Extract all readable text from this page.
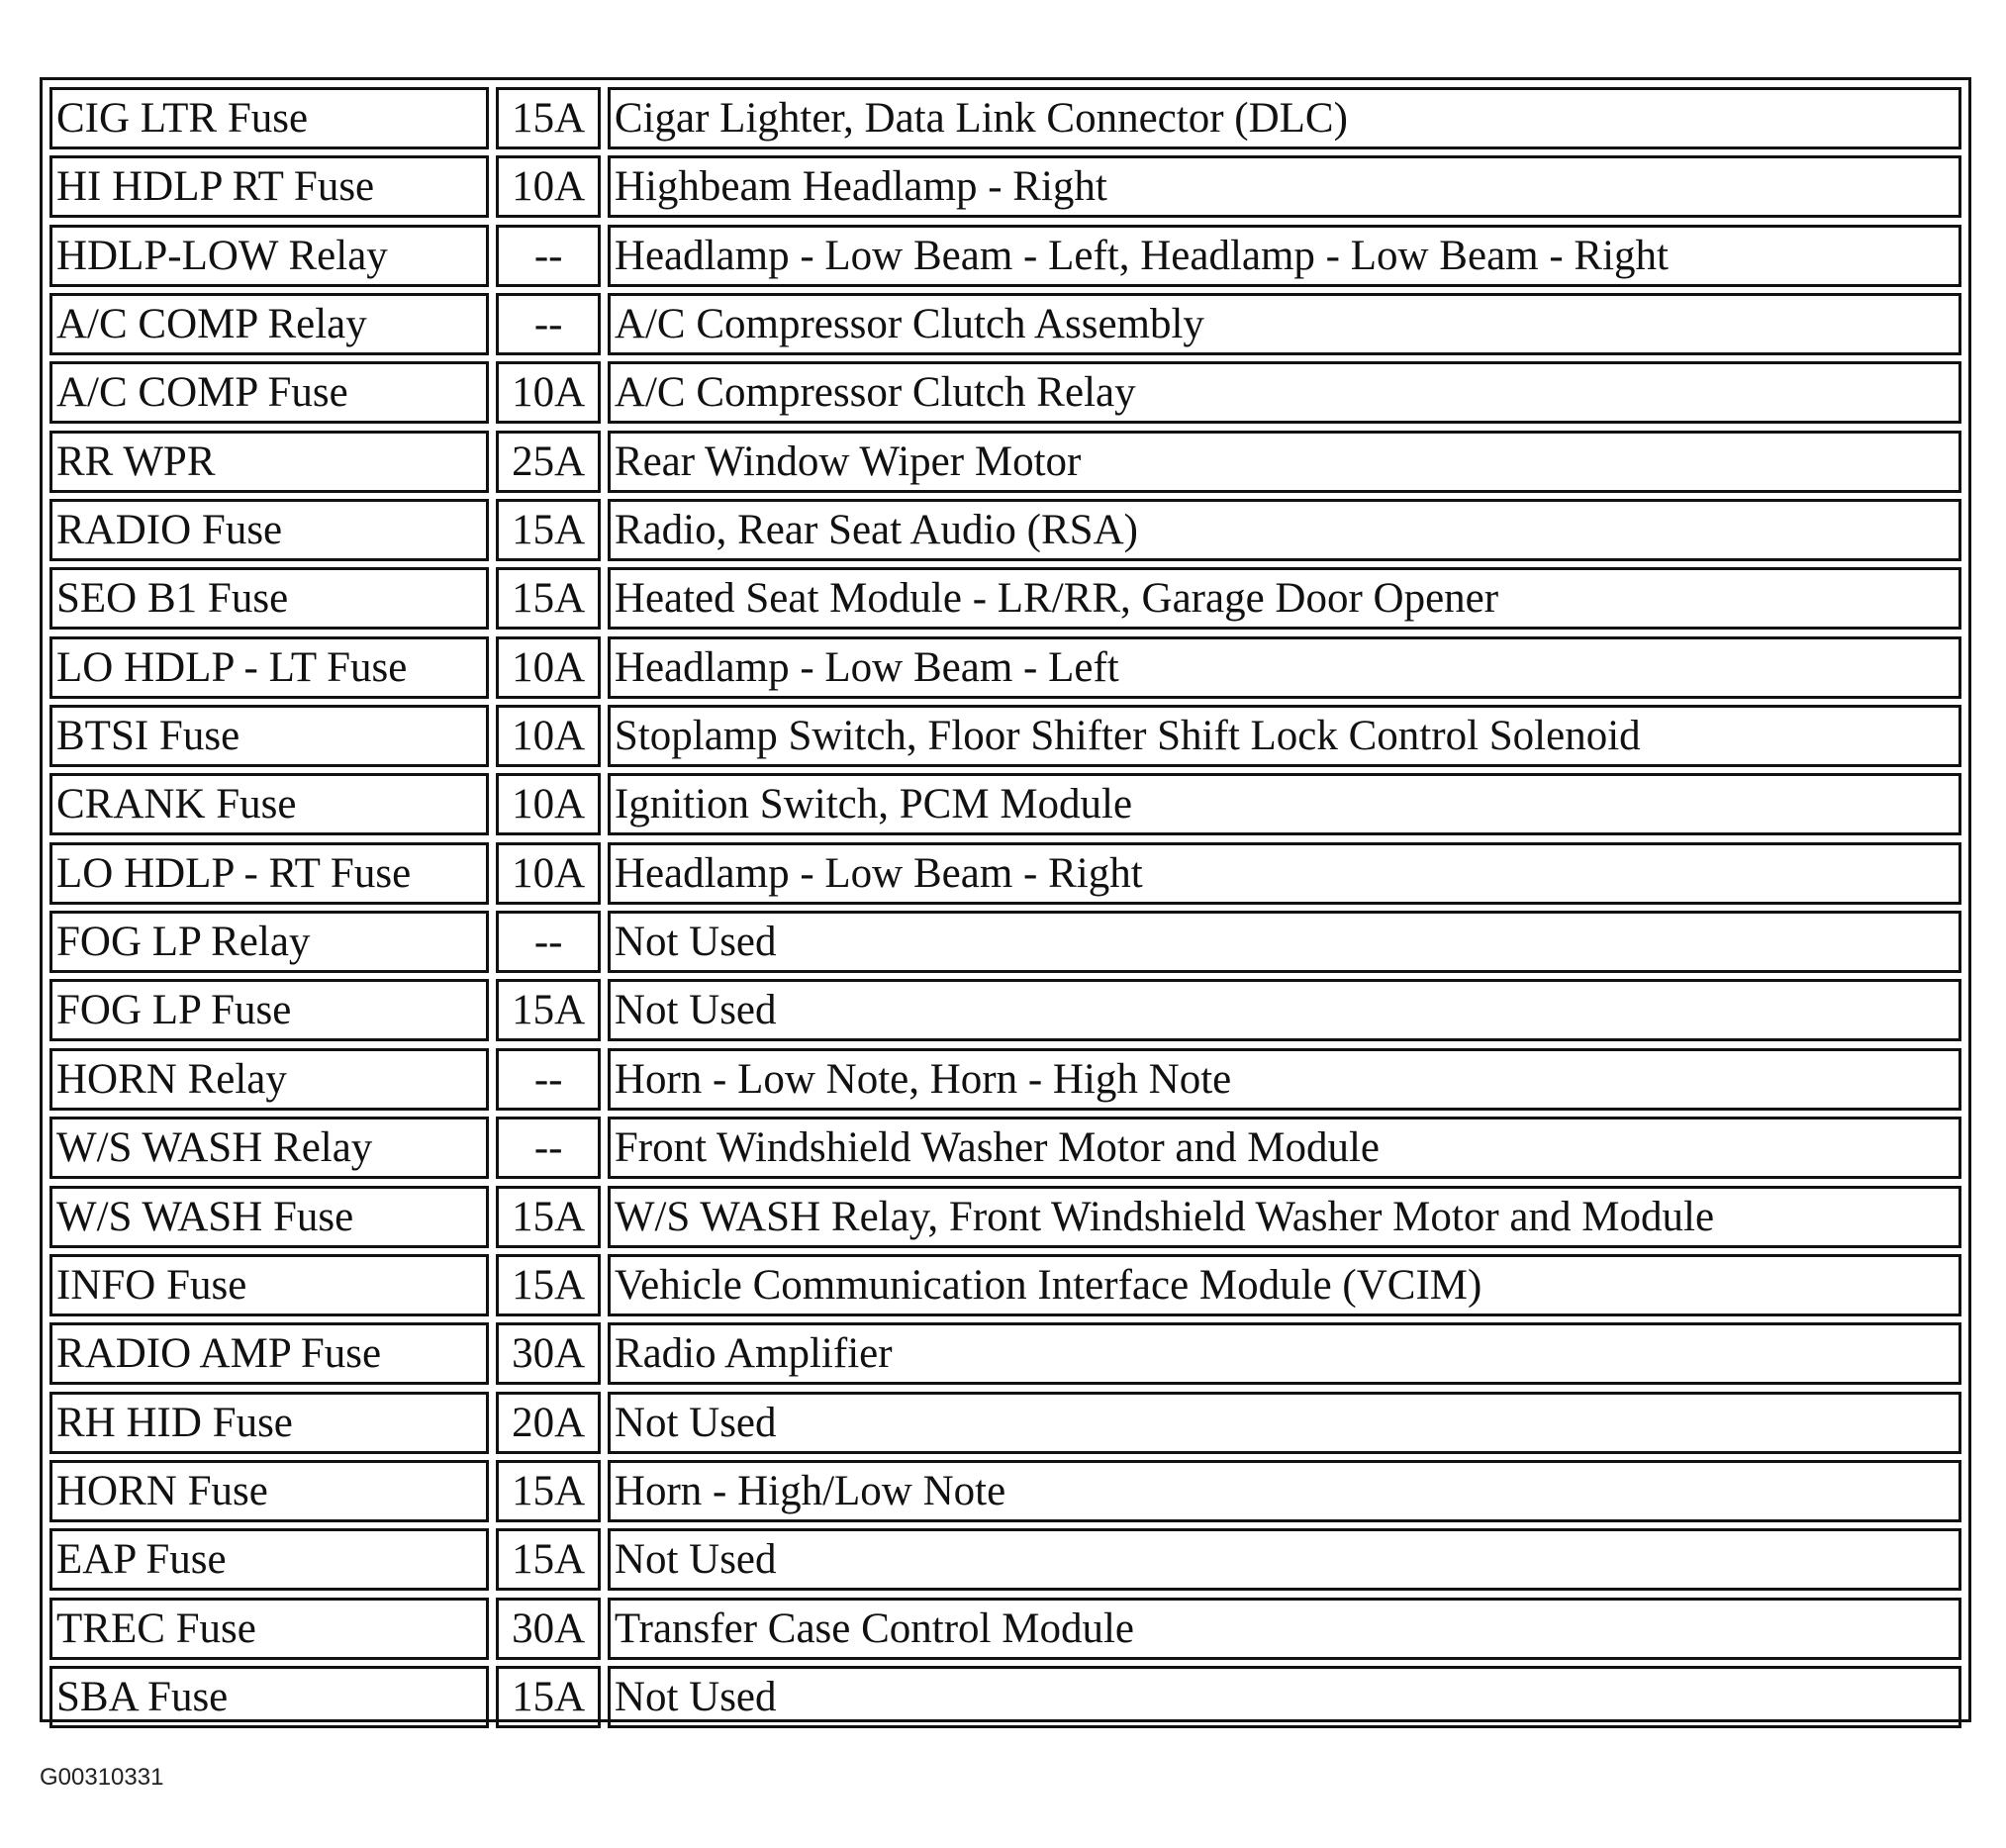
CIG LTR Fuse	15A Cigar Lighter, Data Link Connector (DLC)
HI HDLP RT Fuse	10A Highbeam Headlamp - Right
HDLP-LOW Relay	--	Headlamp - Low Beam - Left, Headlamp - Low Beam - Right
A/C COMP Relay	--	A/C Compressor Clutch Assembly
A/C COMP Fuse	10A A/C Compressor Clutch Relay
RR WPR	25A Rear Window Wiper Motor
RADIO Fuse	15A Radio, Rear Seat Audio (RSA)
SEO B1 Fuse	15A Heated Seat Module - LR/RR, Garage Door Opener
LO HDLP - LT Fuse	10A Headlamp - Low Beam - Left
BTSI Fuse	10A Stoplamp Switch, Floor Shifter Shift Lock Control Solenoid
CRANK Fuse	10A Ignition Switch, PCM Module
LO HDLP - RT Fuse	10A Headlamp - Low Beam - Right
FOG LP Relay	--	Not Used
FOG LP Fuse	15A Not Used
HORN Relay	--	Horn - Low Note, Horn - High Note
W/S WASH Relay	--	Front Windshield Washer Motor and Module
W/S WASH Fuse	15A W/S WASH Relay, Front Windshield Washer Motor and Module
INFO Fuse	15A Vehicle Communication Interface Module (VCIM)
RADIO AMP Fuse	30A Radio Amplifier
RH HID Fuse	20A Not Used
HORN Fuse	15A Horn - High/Low Note
EAP Fuse	15A Not Used
TREC Fuse	30A Transfer Case Control Module
SBA Fuse	15A Not Used
G00310331
